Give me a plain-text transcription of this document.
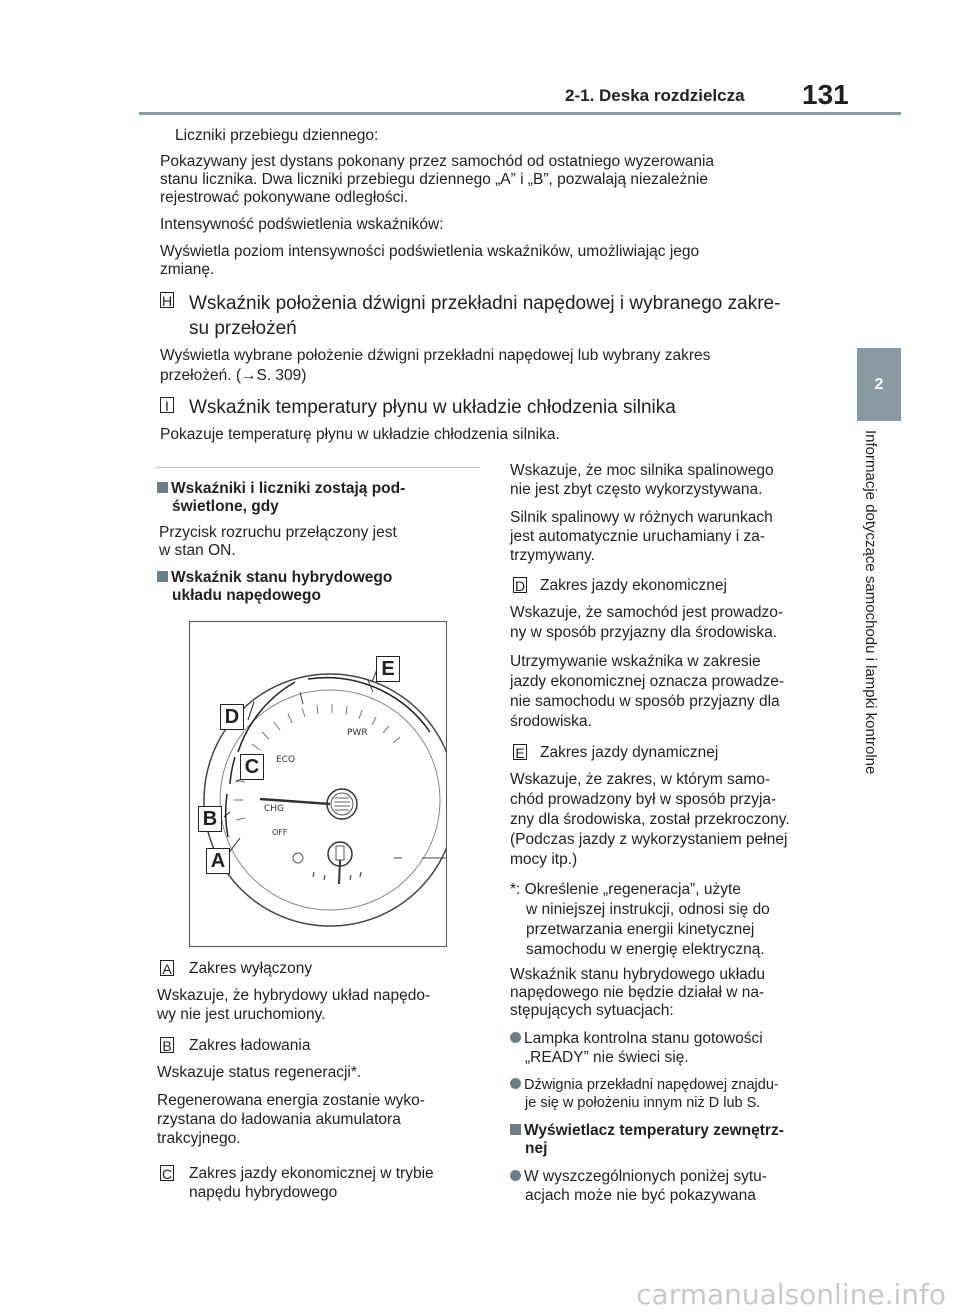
2-1. Deska rozdzielcza 131
2
Informacje dotyczące samochodu i lampki kontrolne
Liczniki przebiegu dziennego:
Pokazywany jest dystans pokonany przez samochód od ostatniego wyzerowania
stanu licznika. Dwa liczniki przebiegu dziennego „A” i „B”, pozwalają niezależnie
rejestrować pokonywane odległości.
Intensywność podświetlenia wskaźników:
Wyświetla poziom intensywności podświetlenia wskaźników, umożliwiając jego
zmianę.
H Wskaźnik położenia dźwigni przekładni napędowej i wybranego zakre-
su przełożeń
Wyświetla wybrane położenie dźwigni przekładni napędowej lub wybrany zakres
przełożeń. (→S. 309)
I Wskaźnik temperatury płynu w układzie chłodzenia silnika
Pokazuje temperaturę płynu w układzie chłodzenia silnika.
Wskaźniki i liczniki zostają pod-
świetlone, gdy
Przycisk rozruchu przełączony jest
w stan ON.
Wskaźnik stanu hybrydowego
układu napędowego
PWR
ECO
CHG
OFF
E
D
C
B
A
A Zakres wyłączony
Wskazuje, że hybrydowy układ napędo-
wy nie jest uruchomiony.
B Zakres ładowania
Wskazuje status regeneracji*.
Regenerowana energia zostanie wyko-
rzystana do ładowania akumulatora
trakcyjnego.
C Zakres jazdy ekonomicznej w trybie
napędu hybrydowego
Wskazuje, że moc silnika spalinowego
nie jest zbyt często wykorzystywana.
Silnik spalinowy w różnych warunkach
jest automatycznie uruchamiany i za-
trzymywany.
D Zakres jazdy ekonomicznej
Wskazuje, że samochód jest prowadzo-
ny w sposób przyjazny dla środowiska.
Utrzymywanie wskaźnika w zakresie
jazdy ekonomicznej oznacza prowadze-
nie samochodu w sposób przyjazny dla
środowiska.
E Zakres jazdy dynamicznej
Wskazuje, że zakres, w którym samo-
chód prowadzony był w sposób przyja-
zny dla środowiska, został przekroczony.
(Podczas jazdy z wykorzystaniem pełnej
mocy itp.)
*: Określenie „regeneracja”, użyte
w niniejszej instrukcji, odnosi się do
przetwarzania energii kinetycznej
samochodu w energię elektryczną.
Wskaźnik stanu hybrydowego układu
napędowego nie będzie działał w na-
stępujących sytuacjach:
Lampka kontrolna stanu gotowości
„READY” nie świeci się.
Dźwignia przekładni napędowej znajdu-
je się w położeniu innym niż D lub S.
Wyświetlacz temperatury zewnętrz-
nej
W wyszczególnionych poniżej sytu-
acjach może nie być pokazywana
carmanualsonline.info
